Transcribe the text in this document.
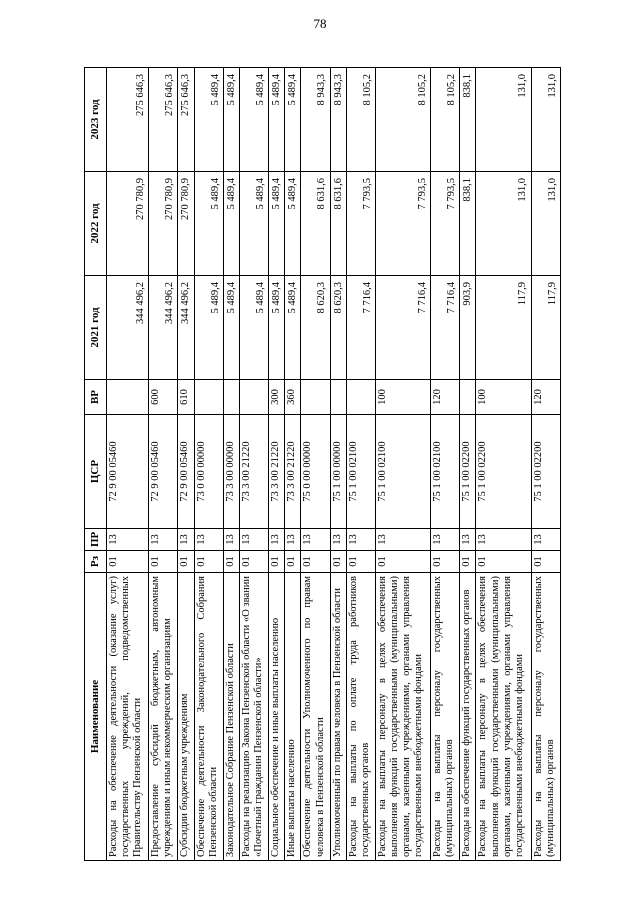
78
Наименование	Рз	ПР	ЦСР	ВР	2021 год	2022 год	2023 год
Расходы на обеспечение деятельности (оказание услуг) государственных учреждений, подведомственных Правительству Пензенской области	01	13	72 9 00 05460		344 496,2	270 780,9	275 646,3
Предоставление субсидий бюджетным, автономным учреждениям и иным некоммерческим организациям	01	13	72 9 00 05460	600	344 496,2	270 780,9	275 646,3
Субсидии бюджетным учреждениям	01	13	72 9 00 05460	610	344 496,2	270 780,9	275 646,3
Обеспечение деятельности Законодательного Собрания Пензенской области	01	13	73 0 00 00000		5 489,4	5 489,4	5 489,4
Законодательное Собрание Пензенской области	01	13	73 3 00 00000		5 489,4	5 489,4	5 489,4
Расходы на реализацию Закона Пензенской области «О звании «Почетный гражданин Пензенской области»	01	13	73 3 00 21220		5 489,4	5 489,4	5 489,4
Социальное обеспечение и иные выплаты населению	01	13	73 3 00 21220	300	5 489,4	5 489,4	5 489,4
Иные выплаты населению	01	13	73 3 00 21220	360	5 489,4	5 489,4	5 489,4
Обеспечение деятельности Уполномоченного по правам человека в Пензенской области	01	13	75 0 00 00000		8 620,3	8 631,6	8 943,3
Уполномоченный по правам человека в Пензенской области	01	13	75 1 00 00000		8 620,3	8 631,6	8 943,3
Расходы на выплаты по оплате труда работников государственных органов	01	13	75 1 00 02100		7 716,4	7 793,5	8 105,2
Расходы на выплаты персоналу в целях обеспечения выполнения функций государственными (муниципальными) органами, казенными учреждениями, органами управления государственными внебюджетными фондами	01	13	75 1 00 02100	100	7 716,4	7 793,5	8 105,2
Расходы на выплаты персоналу государственных (муниципальных) органов	01	13	75 1 00 02100	120	7 716,4	7 793,5	8 105,2
Расходы на обеспечение функций государственных органов	01	13	75 1 00 02200		903,9	838,1	838,1
Расходы на выплаты персоналу в целях обеспечения выполнения функций государственными (муниципальными) органами, казенными учреждениями, органами управления государственными внебюджетными фондами	01	13	75 1 00 02200	100	117,9	131,0	131,0
Расходы на выплаты персоналу государственных (муниципальных) органов	01	13	75 1 00 02200	120	117,9	131,0	131,0
